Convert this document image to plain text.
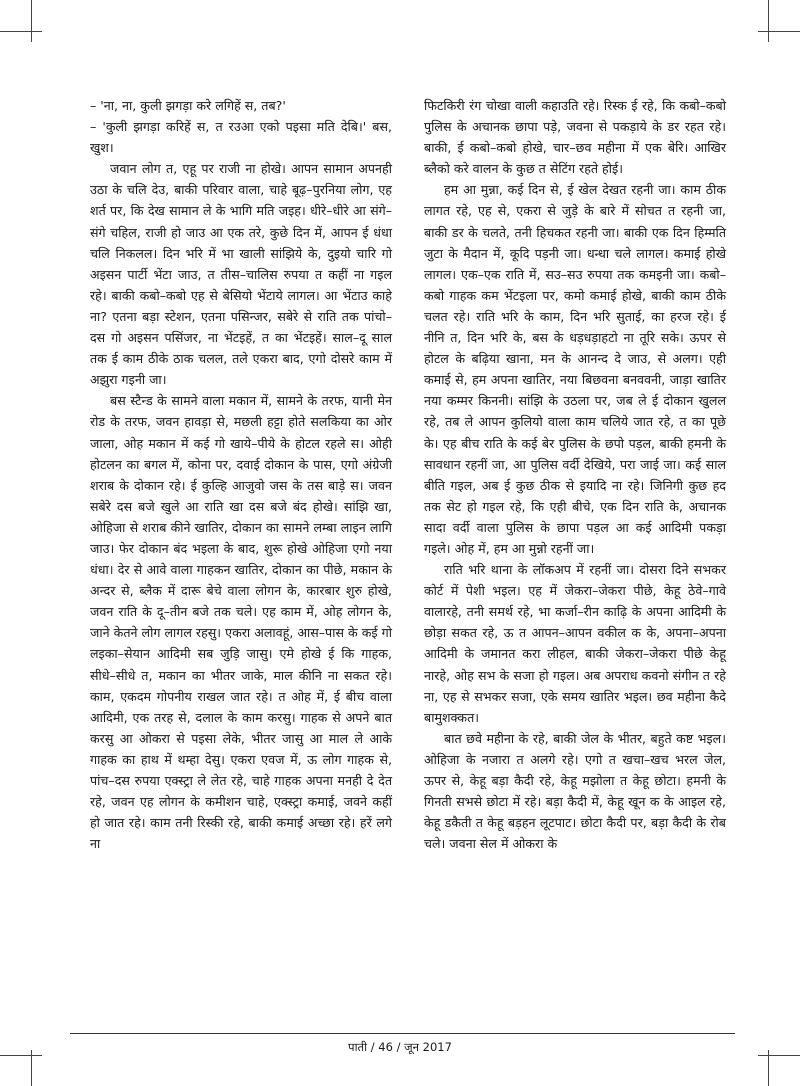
– 'ना, ना, कुली झगड़ा करे लगिहें स, तब?'

– 'कुली झगड़ा करिहें स, त रउआ एको पइसा मति देबि।' बस, खुश।

जवान लोग त, एहू पर राजी ना होखे। आपन सामान अपनही उठा के चलि देउ, बाकी परिवार वाला, चाहे बूढ़–पुरनिया लोग, एह शर्त पर, कि देख सामान ले के भागि मति जइह। धीरे–धीरे आ संगे–संगे चहिल, राजी हो जाउ आ एक तरे, कुछे दिन में, आपन ई धंधा चलि निकलल। दिन भरि में भा खाली सांझिये के, दुइयो चारि गो अइसन पार्टी भेंटा जाउ, त तीस–चालिस रुपया त कहीं ना गइल रहे। बाकी कबो–कबो एह से बेसियो भेंटाये लागल। आ भेंटाउ काहे ना? एतना बड़ा स्टेशन, एतना पसिन्जर, सबेरे से राति तक पांचो–दस गो अइसन पसिंजर, ना भेंटइहें, त का भेंटइहें। साल–दू साल तक ई काम ठीके ठाक चलल, तले एकरा बाद, एगो दोसरे काम में अझुरा गइनी जा।

बस स्टैन्ड के सामने वाला मकान में, सामने के तरफ, यानी मेन रोड के तरफ, जवन हावड़ा से, मछली हट्टा होते सलकिया का ओर जाला, ओह मकान में कई गो खाये–पीये के होटल रहले स। ओही होटलन का बगल में, कोना पर, दवाई दोकान के पास, एगो अंग्रेजी शराब के दोकान रहे। ई कुल्हि आजुवो जस के तस बाड़े स। जवन सबेरे दस बजे खुले आ राति खा दस बजे बंद होखे। सांझि खा, ओहिजा से शराब कीने खातिर, दोकान का सामने लम्बा लाइन लागि जाउ। फेर दोकान बंद भइला के बाद, शुरू होखे ओहिजा एगो नया धंधा। देर से आवे वाला गाहकन खातिर, दोकान का पीछे, मकान के अन्दर से, ब्लैक में दारू बेचे वाला लोगन के, कारबार शुरु होखे, जवन राति के दू–तीन बजे तक चले। एह काम में, ओह लोगन के, जाने केतने लोग लागल रहसु। एकरा अलावहूं, आस–पास के कई गो लइका–सेयान आदिमी सब जुड़ि जासु। एमे होखे ई कि गाहक, सीधे–सीधे त, मकान का भीतर जाके, माल कीनि ना सकत रहे। काम, एकदम गोपनीय राखल जात रहे। त ओह में, ई बीच वाला आदिमी, एक तरह से, दलाल के काम करसु। गाहक से अपने बात करसु आ ओकरा से पइसा लेके, भीतर जासु आ माल ले आके गाहक का हाथ में थम्हा देसु। एकरा एवज में, ऊ लोग गाहक से, पांच–दस रुपया एक्स्ट्रा ले लेत रहे, चाहे गाहक अपना मनही दे देत रहे, जवन एह लोगन के कमीशन चाहे, एक्स्ट्रा कमाई, जवने कहीं हो जात रहे। काम तनी रिस्की रहे, बाकी कमाई अच्छा रहे। हरें लगे ना

फिटकिरी रंग चोखा वाली कहाउति रहे। रिस्क ई रहे, कि कबो–कबो पुलिस के अचानक छापा पड़े, जवना से पकड़ाये के डर रहत रहे। बाकी, ई कबो–कबो होखे, चार–छव महीना में एक बेरि। आखिर ब्लैको करे वालन के कुछ त सेटिंग रहते होई।

हम आ मुन्ना, कई दिन से, ई खेल देखत रहनी जा। काम ठीक लागत रहे, एह से, एकरा से जुड़े के बारे में सोचत त रहनी जा, बाकी डर के चलते, तनी हिचकत रहनी जा। बाकी एक दिन हिम्मति जुटा के मैदान में, कूदि पड़नी जा। धन्धा चले लागल। कमाई होखे लागल। एक–एक राति में, सउ–सउ रुपया तक कमइनी जा। कबो–कबो गाहक कम भेंटइला पर, कमो कमाई होखे, बाकी काम ठीके चलत रहे। राति भरि के काम, दिन भरि सुताई, का हरज रहे। ई नीनि त, दिन भरि के, बस के धड़धड़ाहटो ना तूरि सके। ऊपर से होटल के बढ़िया खाना, मन के आनन्द दे जाउ, से अलग। एही कमाई से, हम अपना खातिर, नया बिछवना बनववनी, जाड़ा खातिर नया कम्मर किननी। सांझि के उठला पर, जब ले ई दोकान खुलल रहे, तब ले आपन कुलियो वाला काम चलिये जात रहे, त का पूछे के। एह बीच राति के कई बेर पुलिस के छपो पड़ल, बाकी हमनी के सावधान रहनीं जा, आ पुलिस वर्दी देखिये, परा जाई जा। कई साल बीति गइल, अब ई कुछ ठीक से इयादि ना रहे। जिनिगी कुछ हद तक सेट हो गइल रहे, कि एही बीचे, एक दिन राति के, अचानक सादा वर्दी वाला पुलिस के छापा पड़ल आ कई आदिमी पकड़ा गइले। ओह में, हम आ मुन्नो रहनीं जा।

राति भरि थाना के लॉकअप में रहनीं जा। दोसरा दिने सभकर कोर्ट में पेशी भइल। एह में जेकरा–जेकरा पीछे, केहू ठेवे–गावे वालारहे, तनी समर्थ रहे, भा कर्जा–रीन काढ़ि के अपना आदिमी के छोड़ा सकत रहे, ऊ त आपन–आपन वकील क के, अपना–अपना आदिमी के जमानत करा लीहल, बाकी जेकरा–जेकरा पीछे केहू नारहे, ओह सभ के सजा हो गइल। अब अपराध कवनो संगीन त रहे ना, एह से सभकर सजा, एके समय खातिर भइल। छव महीना कैदे बामुशक्कत।

बात छवे महीना के रहे, बाकी जेल के भीतर, बहुते कष्ट भइल। ओहिजा के नजारा त अलगे रहे। एगो त खचा–खच भरल जेल, ऊपर से, केहू बड़ा कैदी रहे, केहू मझोला त केहू छोटा। हमनी के गिनती सभसे छोटा में रहे। बड़ा कैदी में, केहू खून क के आइल रहे, केहू डकैती त केहू बड़हन लूटपाट। छोटा कैदी पर, बड़ा कैदी के रोब चले। जवना सेल में ओकरा के

पाती / 46 / जून 2017
